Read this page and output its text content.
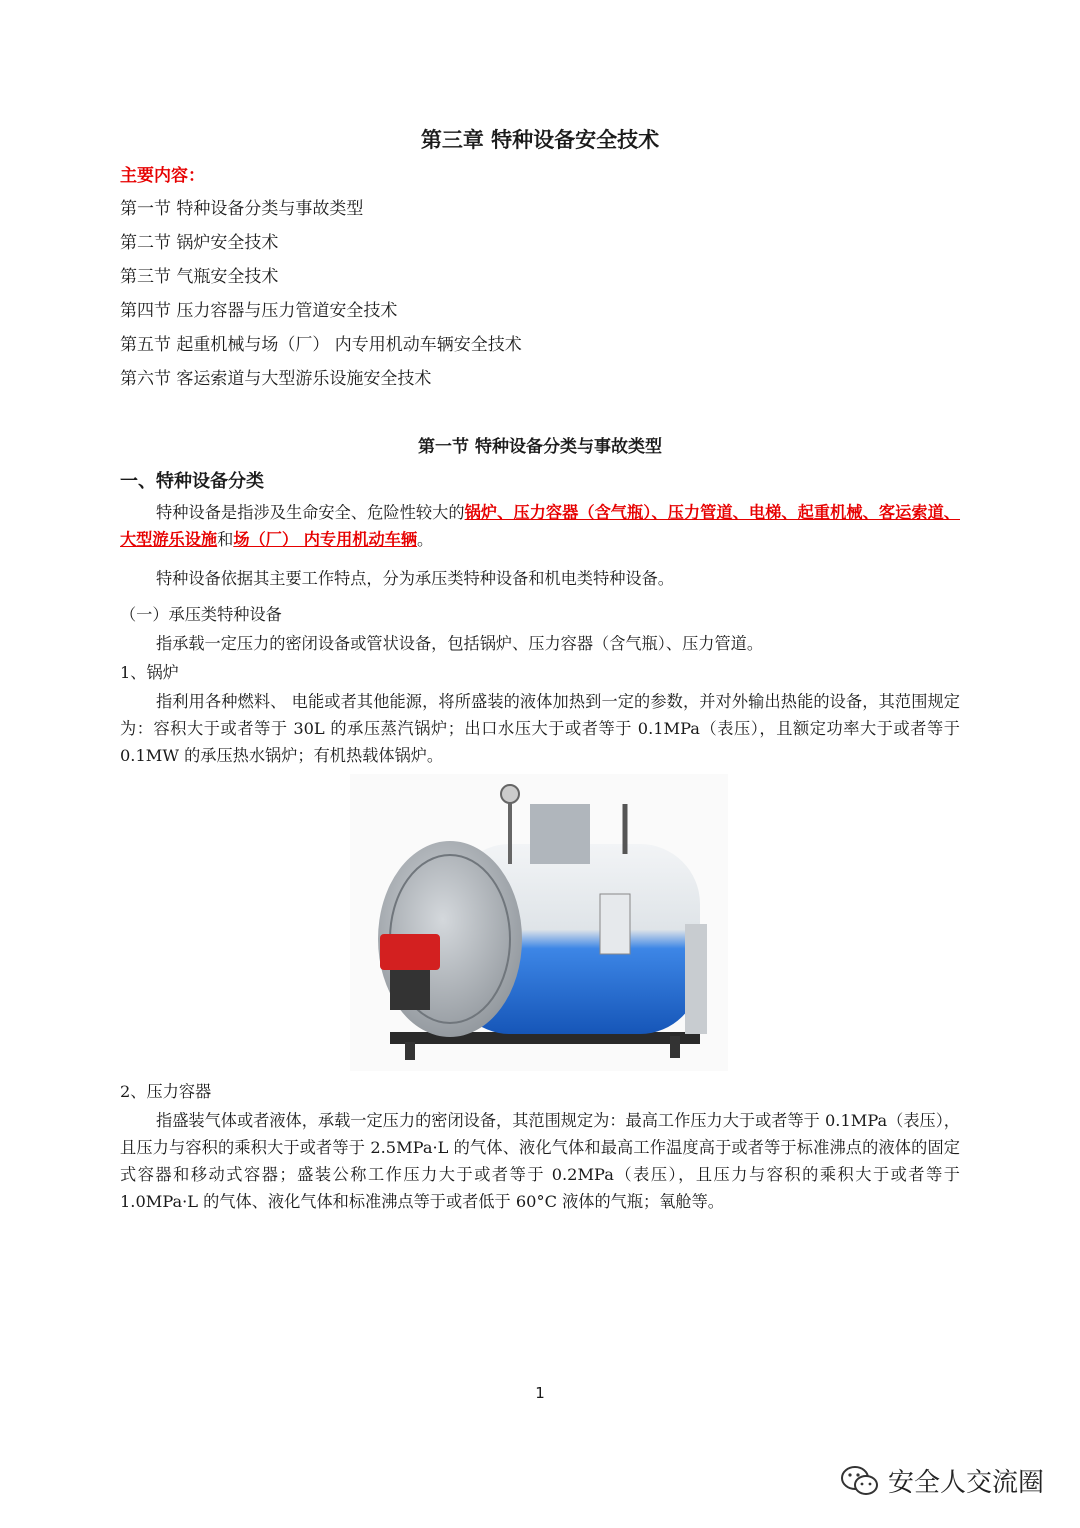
第三章 特种设备安全技术
主要内容：
第一节 特种设备分类与事故类型
第二节 锅炉安全技术
第三节 气瓶安全技术
第四节 压力容器与压力管道安全技术
第五节 起重机械与场（厂） 内专用机动车辆安全技术
第六节 客运索道与大型游乐设施安全技术
第一节 特种设备分类与事故类型
一、特种设备分类
特种设备是指涉及生命安全、危险性较大的锅炉、压力容器（含气瓶）、压力管道、电梯、起重机械、客运索道、大型游乐设施和场（厂） 内专用机动车辆。
特种设备依据其主要工作特点，分为承压类特种设备和机电类特种设备。
（一）承压类特种设备
指承载一定压力的密闭设备或管状设备，包括锅炉、压力容器（含气瓶）、压力管道。
1、锅炉
指利用各种燃料、 电能或者其他能源，将所盛装的液体加热到一定的参数，并对外输出热能的设备，其范围规定为：容积大于或者等于 30L 的承压蒸汽锅炉；出口水压大于或者等于 0.1MPa（表压），且额定功率大于或者等于 0.1MW 的承压热水锅炉；有机热载体锅炉。
2、压力容器
指盛装气体或者液体，承载一定压力的密闭设备，其范围规定为：最高工作压力大于或者等于 0.1MPa（表压），且压力与容积的乘积大于或者等于 2.5MPa·L 的气体、液化气体和最高工作温度高于或者等于标准沸点的液体的固定式容器和移动式容器；盛装公称工作压力大于或者等于 0.2MPa（表压），且压力与容积的乘积大于或者等于 1.0MPa·L 的气体、液化气体和标准沸点等于或者低于 60°C 液体的气瓶；氧舱等。
1
安全人交流圈
